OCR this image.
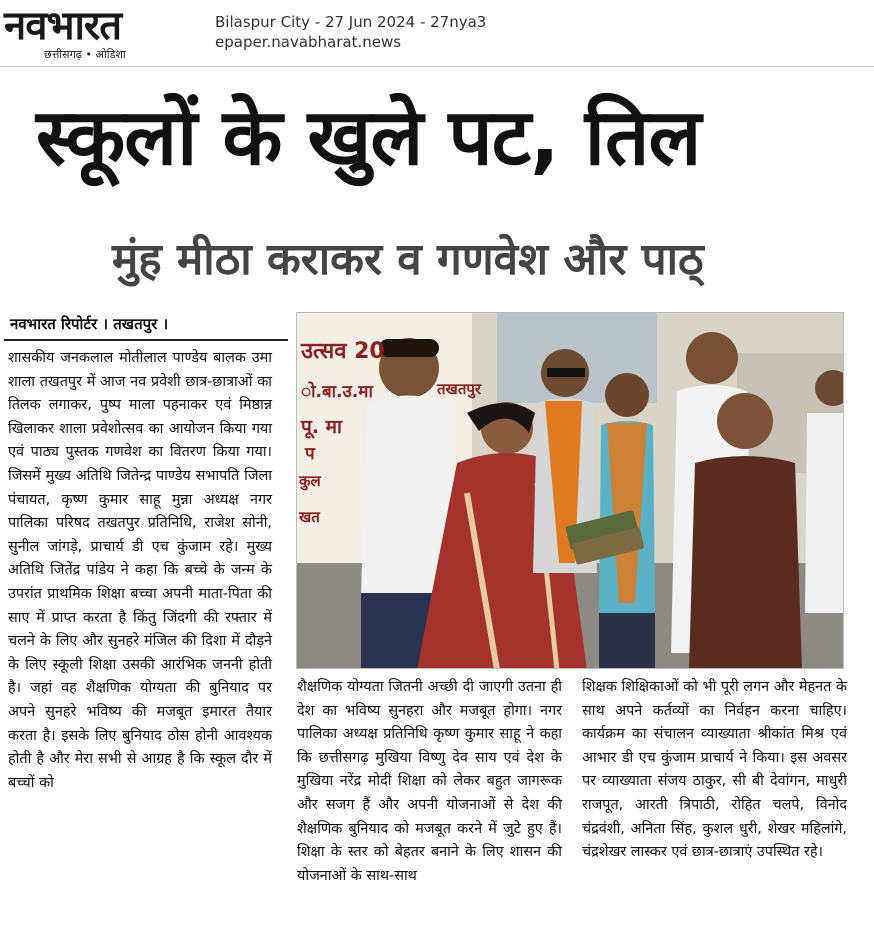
नवभारत
छत्तीसगढ़ • ओडिशा
Bilaspur City - 27 Jun 2024 - 27nya3
epaper.navabharat.news
स्कूलों के खुले पट, तिल
मुंह मीठा कराकर व गणवेश और पाठ्
नवभारत रिपोर्टर । तखतपुर ।

शासकीय जनकलाल मोतीलाल पाण्डेय बालक उमा शाला तखतपुर में आज नव प्रवेशी छात्र-छात्राओं का तिलक लगाकर, पुष्प माला पहनाकर एवं मिष्ठान्न खिलाकर शाला प्रवेशोत्सव का आयोजन किया गया एवं पाठ्य पुस्तक गणवेश का वितरण किया गया। जिसमें मुख्य अतिथि जितेन्द्र पाण्डेय सभापति जिला पंचायत, कृष्ण कुमार साहू मुन्ना अध्यक्ष नगर पालिका परिषद तखतपुर प्रतिनिधि, राजेश सोनी, सुनील जांगड़े, प्राचार्य डी एच कुंजाम रहे। मुख्य अतिथि जितेंद्र पांडेय ने कहा कि बच्चे के जन्म के उपरांत प्राथमिक शिक्षा बच्चा अपनी माता-पिता की साए में प्राप्त करता है किंतु जिंदगी की रफ्तार में चलने के लिए और सुनहरे मंजिल की दिशा में दौड़ने के लिए स्कूली शिक्षा उसकी आरंभिक जननी होती है। जहां वह शैक्षणिक योग्यता की बुनियाद पर अपने सुनहरे भविष्य की मजबूत इमारत तैयार करता है। इसके लिए बुनियाद ठोस होनी आवश्यक होती है और मेरा सभी से आग्रह है कि स्कूल दौर में बच्चों को

उत्सव 20
ो.बा.उ.मा	तखतपुर
पू. मा
प
कुल
खत

शैक्षणिक योग्यता जितनी अच्छी दी जाएगी उतना ही देश का भविष्य सुनहरा और मजबूत होगा। नगर पालिका अध्यक्ष प्रतिनिधि कृष्ण कुमार साहू ने कहा कि छत्तीसगढ़ मुखिया विष्णु देव साय एवं देश के मुखिया नरेंद्र मोदी शिक्षा को लेकर बहुत जागरूक और सजग हैं और अपनी योजनाओं से देश की शैक्षणिक बुनियाद को मजबूत करने में जुटे हुए हैं। शिक्षा के स्तर को बेहतर बनाने के लिए शासन की योजनाओं के साथ-साथ

शिक्षक शिक्षिकाओं को भी पूरी लगन और मेहनत के साथ अपने कर्तव्यों का निर्वहन करना चाहिए।कार्यक्रम का संचालन व्याख्याता श्रीकांत मिश्र एवं आभार डी एच कुंजाम प्राचार्य ने किया। इस अवसर पर व्याख्याता संजय ठाकुर, सी बी देवांगन, माधुरी राजपूत, आरती त्रिपाठी, रोहित चलपे, विनोद चंद्रवंशी, अनिता सिंह, कुशल धुरी, शेखर महिलांगे, चंद्रशेखर लास्कर एवं छात्र-छात्राएं उपस्थित रहे।
